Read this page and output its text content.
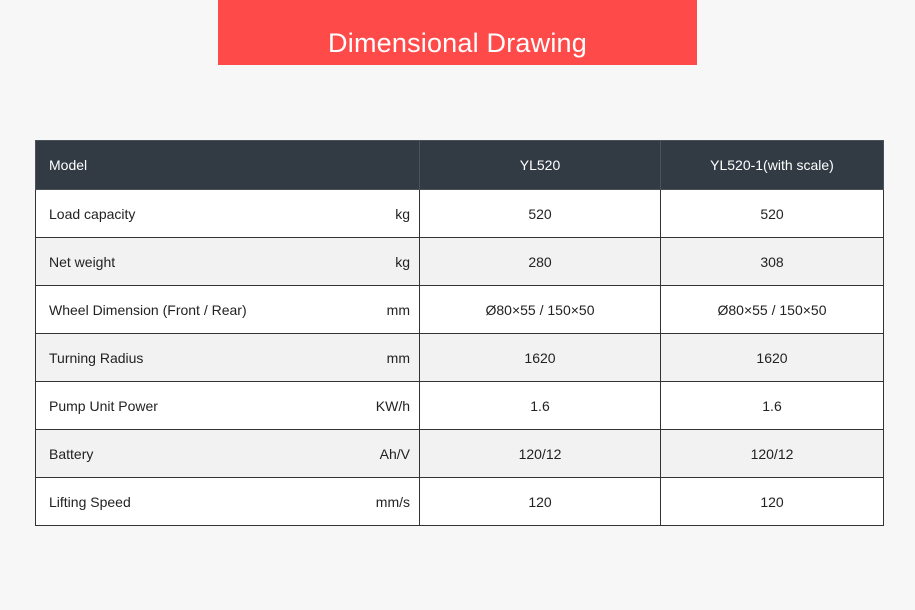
Dimensional Drawing
Model	YL520	YL520-1(with scale)

Load capacity kg	520	520

Net weight kg	280	308

Wheel Dimension (Front / Rear) mm	Ø80×55 / 150×50	Ø80×55 / 150×50

Turning Radius mm	1620	1620

Pump Unit Power KW/h	1.6	1.6

Battery Ah/V	120/12	120/12

Lifting Speed mm/s	120	120
